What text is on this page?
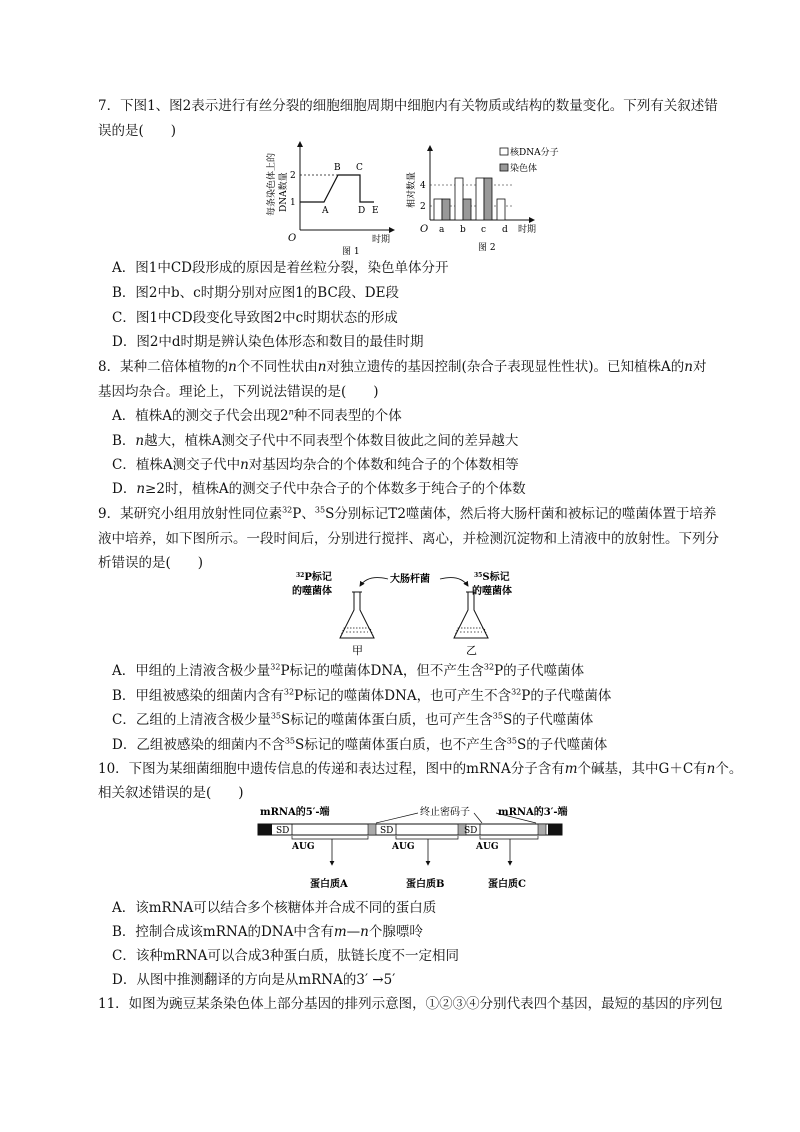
7．下图1、图2表示进行有丝分裂的细胞细胞周期中细胞内有关物质或结构的数量变化。下列有关叙述错
误的是(　　)
每条染色体上的 DNA数量 2
1
O
A
B C
D E
时期
图 1
相对数量 4
2
O a b c d 时期
图 2
核DNA分子
染色体
A．图1中CD段形成的原因是着丝粒分裂，染色单体分开
B．图2中b、c时期分别对应图1的BC段、DE段
C．图1中CD段变化导致图2中c时期状态的形成
D．图2中d时期是辨认染色体形态和数目的最佳时期
8．某种二倍体植物的n个不同性状由n对独立遗传的基因控制(杂合子表现显性性状)。已知植株A的n对
基因均杂合。理论上，下列说法错误的是(　　)
A．植株A的测交子代会出现2$^n$种不同表型的个体
B．n越大，植株A测交子代中不同表型个体数目彼此之间的差异越大
C．植株A测交子代中n对基因均杂合的个体数和纯合子的个体数相等
D．n≥2时，植株A的测交子代中杂合子的个体数多于纯合子的个体数
9．某研究小组用放射性同位素$^{32}$P、$^{35}$S分别标记T2噬菌体，然后将大肠杆菌和被标记的噬菌体置于培养
液中培养，如下图所示。一段时间后，分别进行搅拌、离心，并检测沉淀物和上清液中的放射性。下列分
析错误的是(　　)
$^{32}$P标记
的噬菌体
大肠杆菌	$^{35}$S标记
的噬菌体
甲	乙
A．甲组的上清液含极少量$^{32}$P标记的噬菌体DNA，但不产生含$^{32}$P的子代噬菌体
B．甲组被感染的细菌内含有$^{32}$P标记的噬菌体DNA，也可产生不含$^{32}$P的子代噬菌体
C．乙组的上清液含极少量$^{35}$S标记的噬菌体蛋白质，也可产生含$^{35}$S的子代噬菌体
D．乙组被感染的细菌内不含$^{35}$S标记的噬菌体蛋白质，也不产生含$^{35}$S的子代噬菌体
10．下图为某细菌细胞中遗传信息的传递和表达过程，图中的mRNA分子含有m个碱基，其中G＋C有n个。
相关叙述错误的是(　　)
mRNA的5′-端	终止密码子	mRNA的3′-端
SD	SD	SD
AUG	AUG	AUG
蛋白质A	蛋白质B	蛋白质C
A．该mRNA可以结合多个核糖体并合成不同的蛋白质
B．控制合成该mRNA的DNA中含有m—n个腺嘌呤
C．该种mRNA可以合成3种蛋白质，肽链长度不一定相同
D．从图中推测翻译的方向是从mRNA的3′ →5′
11．如图为豌豆某条染色体上部分基因的排列示意图，①②③④分别代表四个基因，最短的基因的序列包
